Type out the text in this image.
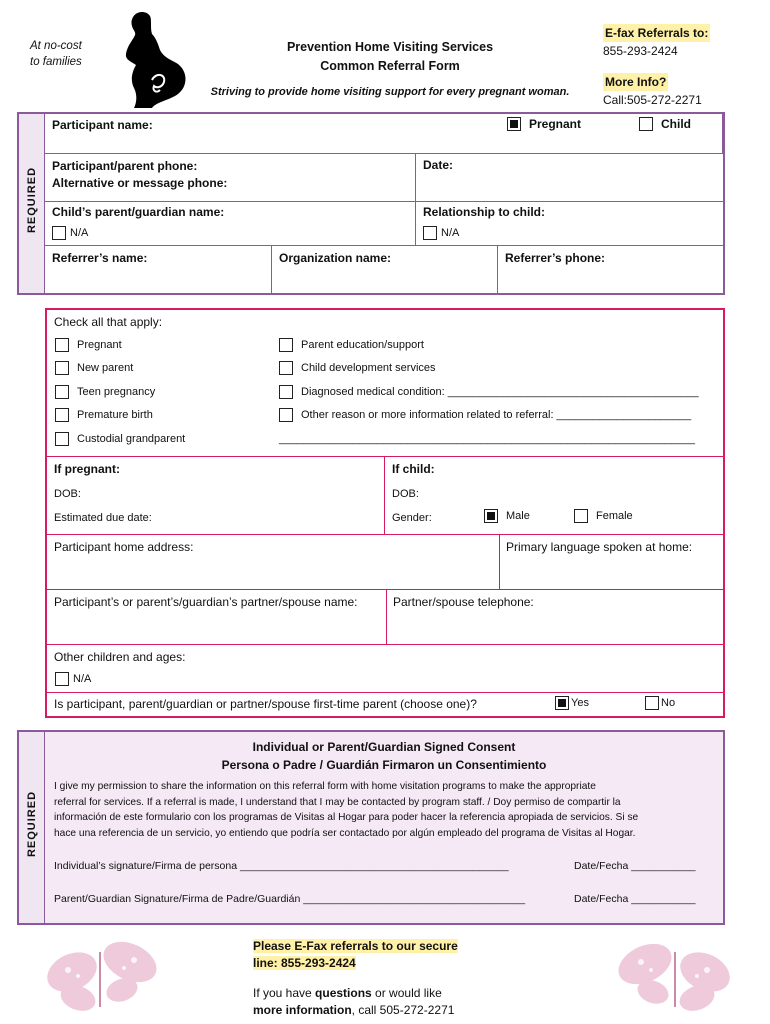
At no-cost
to families
Prevention Home Visiting Services
Common Referral Form
Striving to provide home visiting support for every pregnant woman.
E-fax Referrals to:
855-293-2424
More Info?
Call:505-272-2271
REQUIRED
Participant name:	Pregnant	Child
Participant/parent phone:
Alternative or message phone:
Date:
Child’s parent/guardian name:
N/A
Relationship to child:
N/A
Referrer’s name:	Organization name:	Referrer’s phone:
Check all that apply:
Pregnant
New parent
Teen pregnancy
Premature birth
Custodial grandparent
Parent education/support
Child development services
Diagnosed medical condition: _________________________________________
Other reason or more information related to referral: ______________________
____________________________________________________________________
If pregnant:
DOB:
Estimated due date:
If child:
DOB:
Gender:	Male	Female
Participant home address:	Primary language spoken at home:
Participant’s or parent’s/guardian’s partner/spouse name:	Partner/spouse telephone:
Other children and ages:
N/A
Is participant, parent/guardian or partner/spouse first-time parent (choose one)?	Yes	No
REQUIRED
Individual or Parent/Guardian Signed Consent
Persona o Padre / Guardián Firmaron un Consentimiento
I give my permission to share the information on this referral form with home visitation programs to make the appropriate
referral for services. If a referral is made, I understand that I may be contacted by program staff. / Doy permiso de compartir la
información de este formulario con los programas de Visitas al Hogar para poder hacer la referencia apropiada de servicios. Si se
hace una referencia de un servicio, yo entiendo que podría ser contactado por algún empleado del programa de Visitas al Hogar.
Individual’s signature/Firma de persona ______________________________________________	Date/Fecha ___________
Parent/Guardian Signature/Firma de Padre/Guardián ______________________________________	Date/Fecha ___________
Please E-Fax referrals to our secure
line: 855-293-2424
If you have questions or would like
more information, call 505-272-2271
